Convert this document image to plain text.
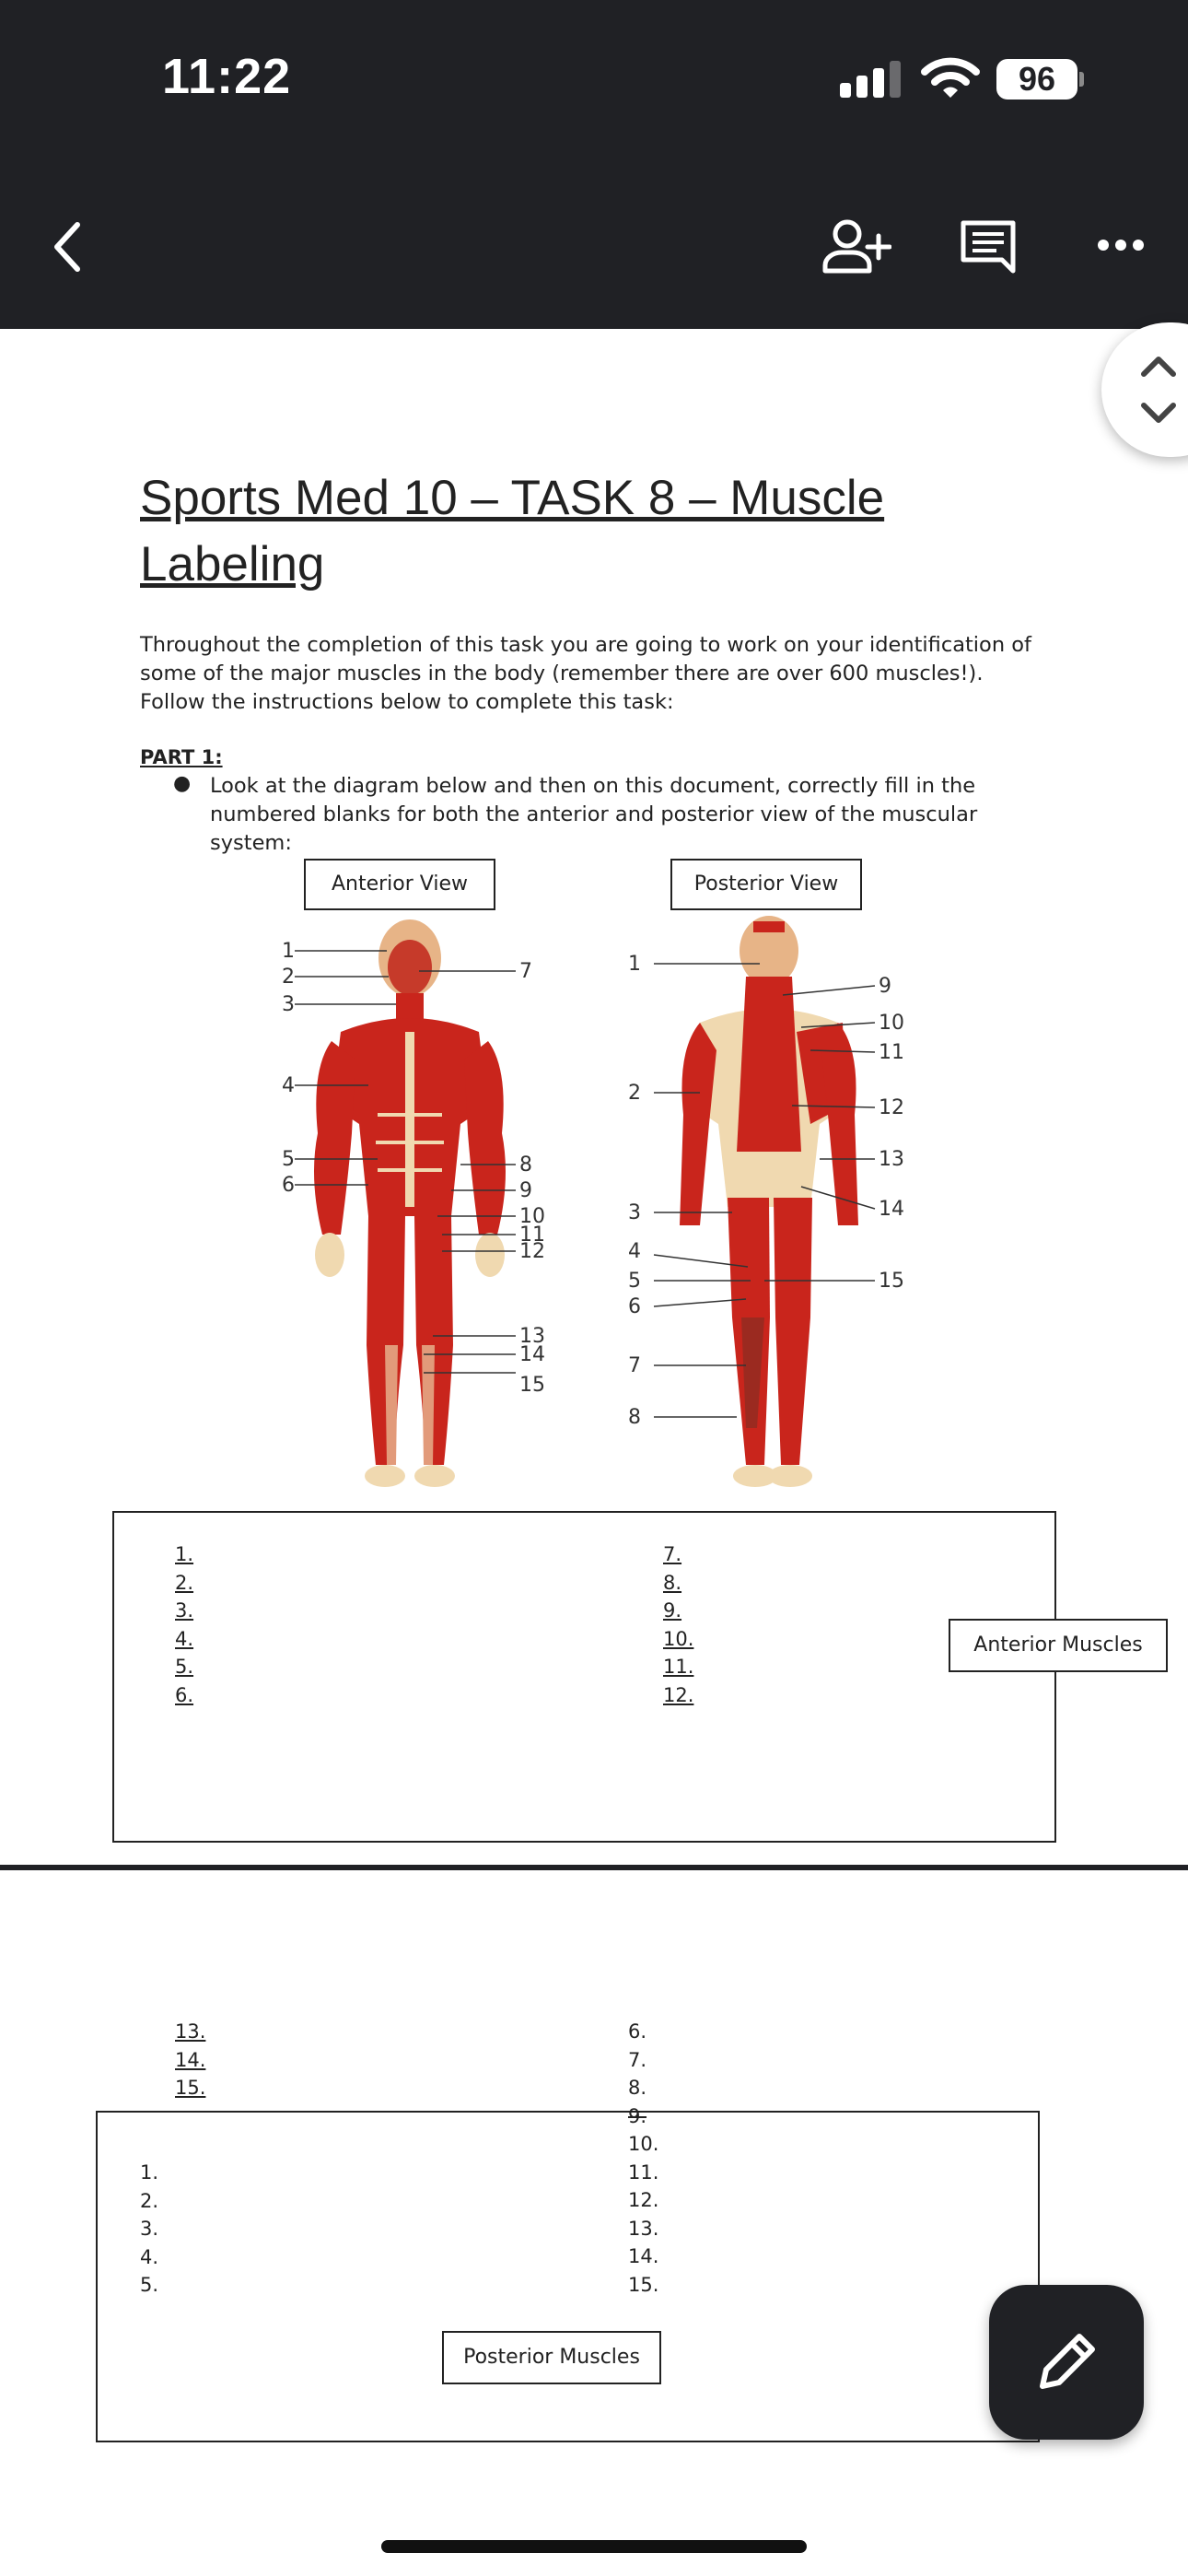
11:22	96
Sports Med 10 – TASK 8 – Muscle Labeling
Throughout the completion of this task you are going to work on your identification of some of the major muscles in the body (remember there are over 600 muscles!). Follow the instructions below to complete this task:
PART 1:
● Look at the diagram below and then on this document, correctly fill in the numbered blanks for both the anterior and posterior view of the muscular system:
Anterior View	Posterior View
1
2
3
4
5
6
7
8
9
10
11
12
13
14
15
1
2
3
4
5
6
7
8
9
10
11
12
13
14
15
1.
2.
3.
4.
5.
6.
7.
8.
9.
10.
11.
12.
Anterior Muscles
13.
14.
15.
1.
2.
3.
4.
5.
6.
7.
8.
9.
10.
11.
12.
13.
14.
15.
Posterior Muscles
